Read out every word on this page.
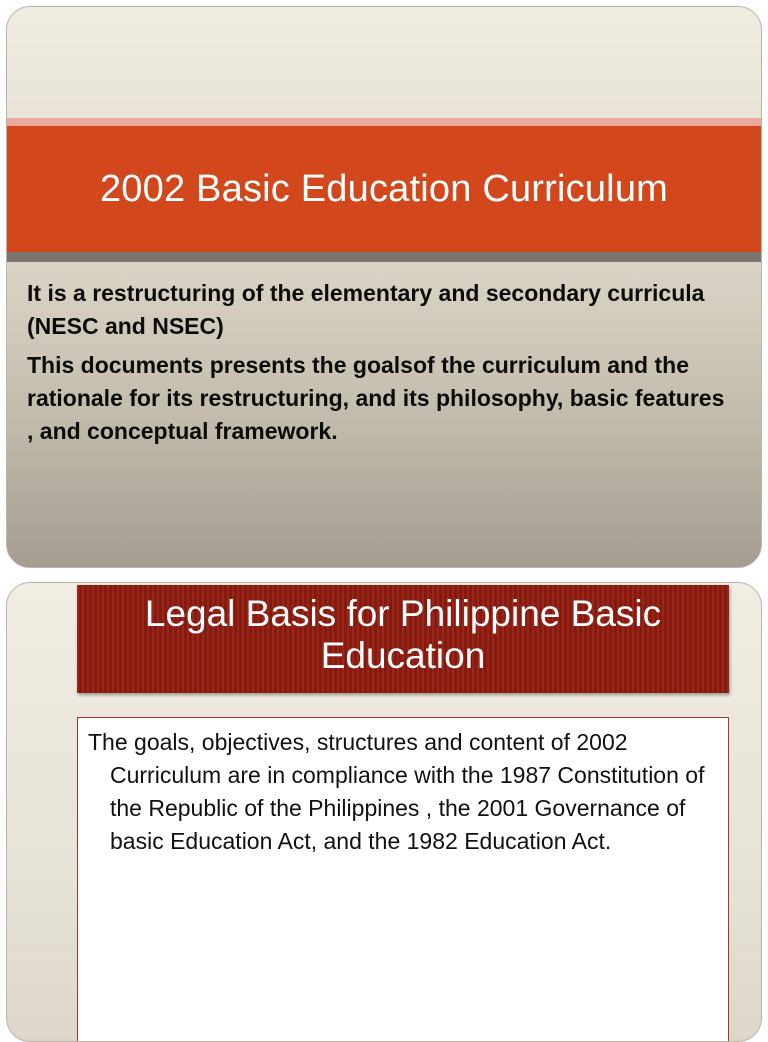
2002 Basic Education Curriculum

It is a restructuring of the elementary and secondary curricula (NESC and NSEC)

This documents presents the goalsof the curriculum and the rationale for its restructuring, and its philosophy, basic features , and conceptual framework.

Legal Basis for Philippine Basic Education

The goals, objectives, structures and content of 2002 Curriculum are in compliance with the 1987 Constitution of the Republic of the Philippines , the 2001 Governance of basic Education Act, and the 1982 Education Act.
